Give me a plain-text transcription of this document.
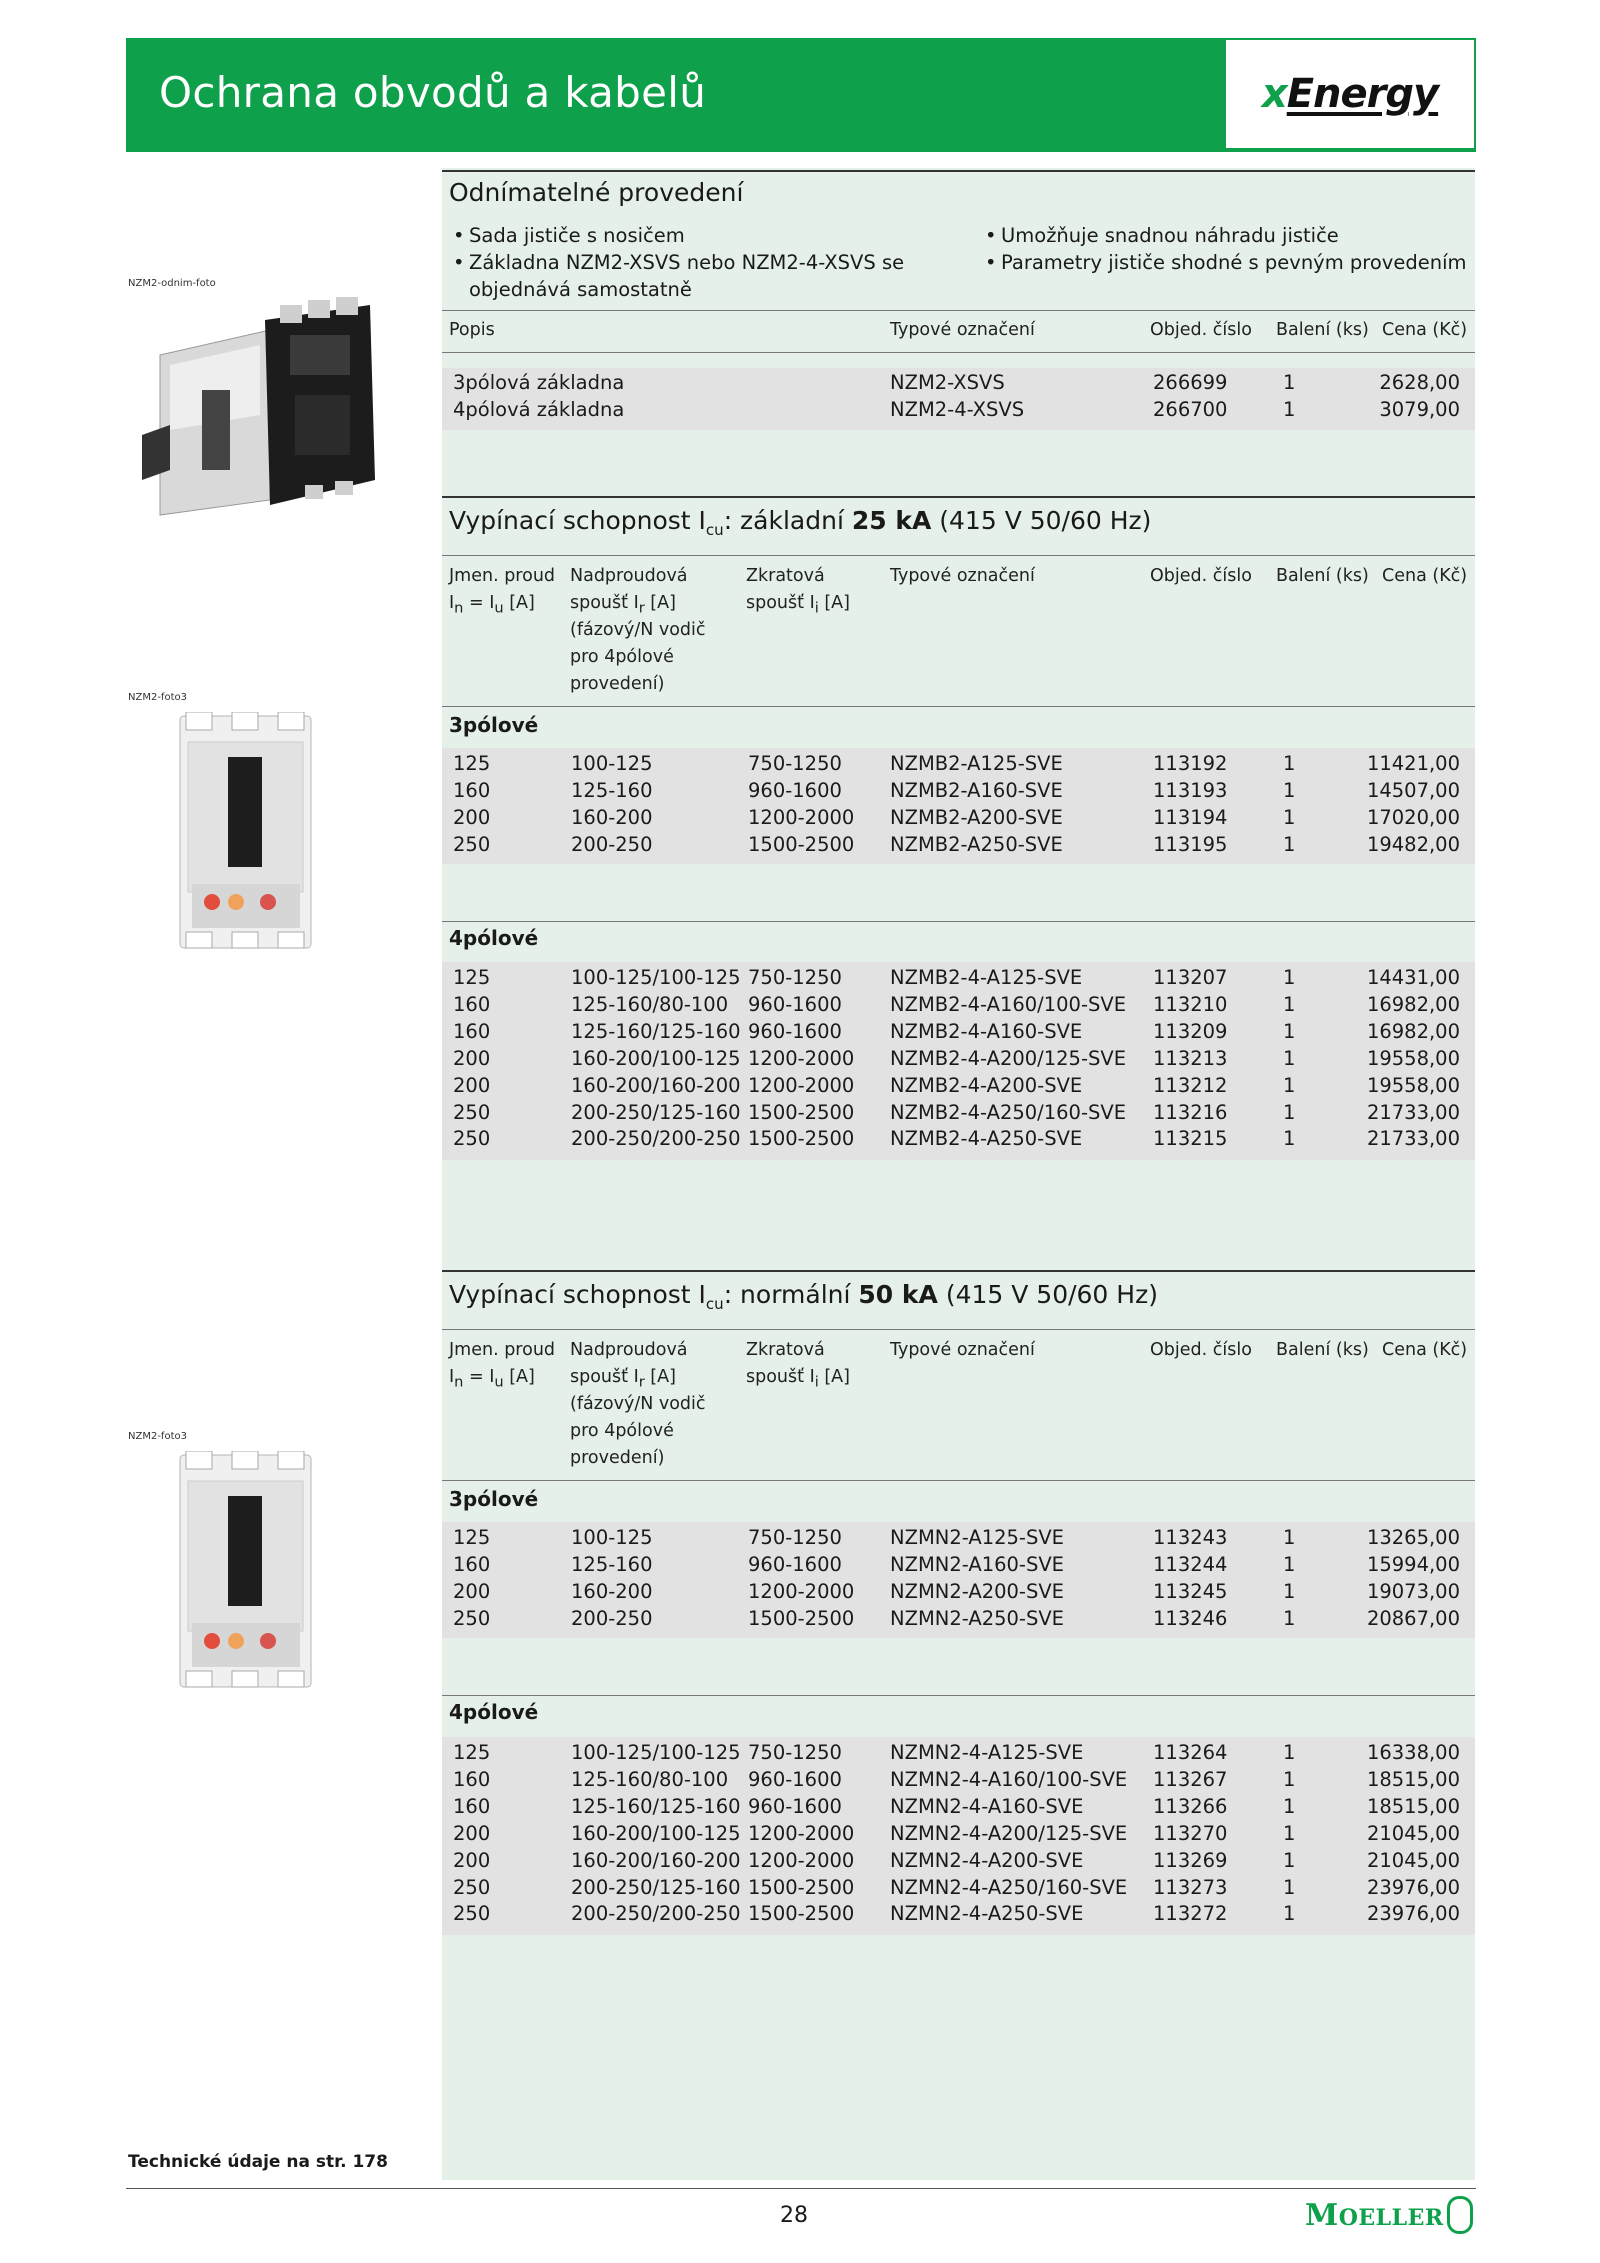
Ochrana obvodů a kabelů	xEnergy
Odnímatelné provedení
• Sada jističe s nosičem
• Základna NZM2-XSVS nebo NZM2-4-XSVS se objednává samostatně
• Umožňuje snadnou náhradu jističe
• Parametry jističe shodné s pevným provedením
Popis	Typové označení	Objed. číslo Balení (ks) Cena (Kč)
3pólová základna	NZM2-XSVS	266699	1	2628,00
4pólová základna	NZM2-4-XSVS	266700	1	3079,00
Vypínací schopnost $I_{cu}$: základní 25 kA (415 V 50/60 Hz)
Jmen. proud
$I_n = I_u$ [A]
Nadproudová
spoušť $I_r$ [A]
(fázový/N vodič
pro 4pólové
provedení)
Zkratová
spoušť $I_i$ [A]
Typové označení	Objed. číslo Balení (ks) Cena (Kč)
3pólové
125	100-125	750-1250 NZMB2-A125-SVE	113192	1	11421,00
160	125-160	960-1600 NZMB2-A160-SVE	113193	1	14507,00
200	160-200	1200-2000 NZMB2-A200-SVE	113194	1	17020,00
250	200-250	1500-2500 NZMB2-A250-SVE	113195	1	19482,00
4pólové
125	100-125/100-125 750-1250 NZMB2-4-A125-SVE	113207	1	14431,00
160	125-160/80-100 960-1600 NZMB2-4-A160/100-SVE 113210	1	16982,00
160	125-160/125-160 960-1600 NZMB2-4-A160-SVE	113209	1	16982,00
200	160-200/100-125 1200-2000 NZMB2-4-A200/125-SVE 113213	1	19558,00
200	160-200/160-200 1200-2000 NZMB2-4-A200-SVE	113212	1	19558,00
250	200-250/125-160 1500-2500 NZMB2-4-A250/160-SVE 113216	1	21733,00
250	200-250/200-250 1500-2500 NZMB2-4-A250-SVE	113215	1	21733,00
Vypínací schopnost $I_{cu}$: normální 50 kA (415 V 50/60 Hz)
Jmen. proud
$I_n = I_u$ [A]
Nadproudová
spoušť $I_r$ [A]
(fázový/N vodič
pro 4pólové
provedení)
Zkratová
spoušť $I_i$ [A]
Typové označení	Objed. číslo Balení (ks) Cena (Kč)
3pólové
125	100-125	750-1250 NZMN2-A125-SVE	113243	1	13265,00
160	125-160	960-1600 NZMN2-A160-SVE	113244	1	15994,00
200	160-200	1200-2000 NZMN2-A200-SVE	113245	1	19073,00
250	200-250	1500-2500 NZMN2-A250-SVE	113246	1	20867,00
4pólové
125	100-125/100-125 750-1250 NZMN2-4-A125-SVE	113264	1	16338,00
160	125-160/80-100 960-1600 NZMN2-4-A160/100-SVE 113267	1	18515,00
160	125-160/125-160 960-1600 NZMN2-4-A160-SVE	113266	1	18515,00
200	160-200/100-125 1200-2000 NZMN2-4-A200/125-SVE 113270	1	21045,00
200	160-200/160-200 1200-2000 NZMN2-4-A200-SVE	113269	1	21045,00
250	200-250/125-160 1500-2500 NZMN2-4-A250/160-SVE 113273	1	23976,00
250	200-250/200-250 1500-2500 NZMN2-4-A250-SVE	113272	1	23976,00
NZM2-odnim-foto
NZM2-foto3
NZM2-foto3
Technické údaje na str. 178
28	MOELLER
